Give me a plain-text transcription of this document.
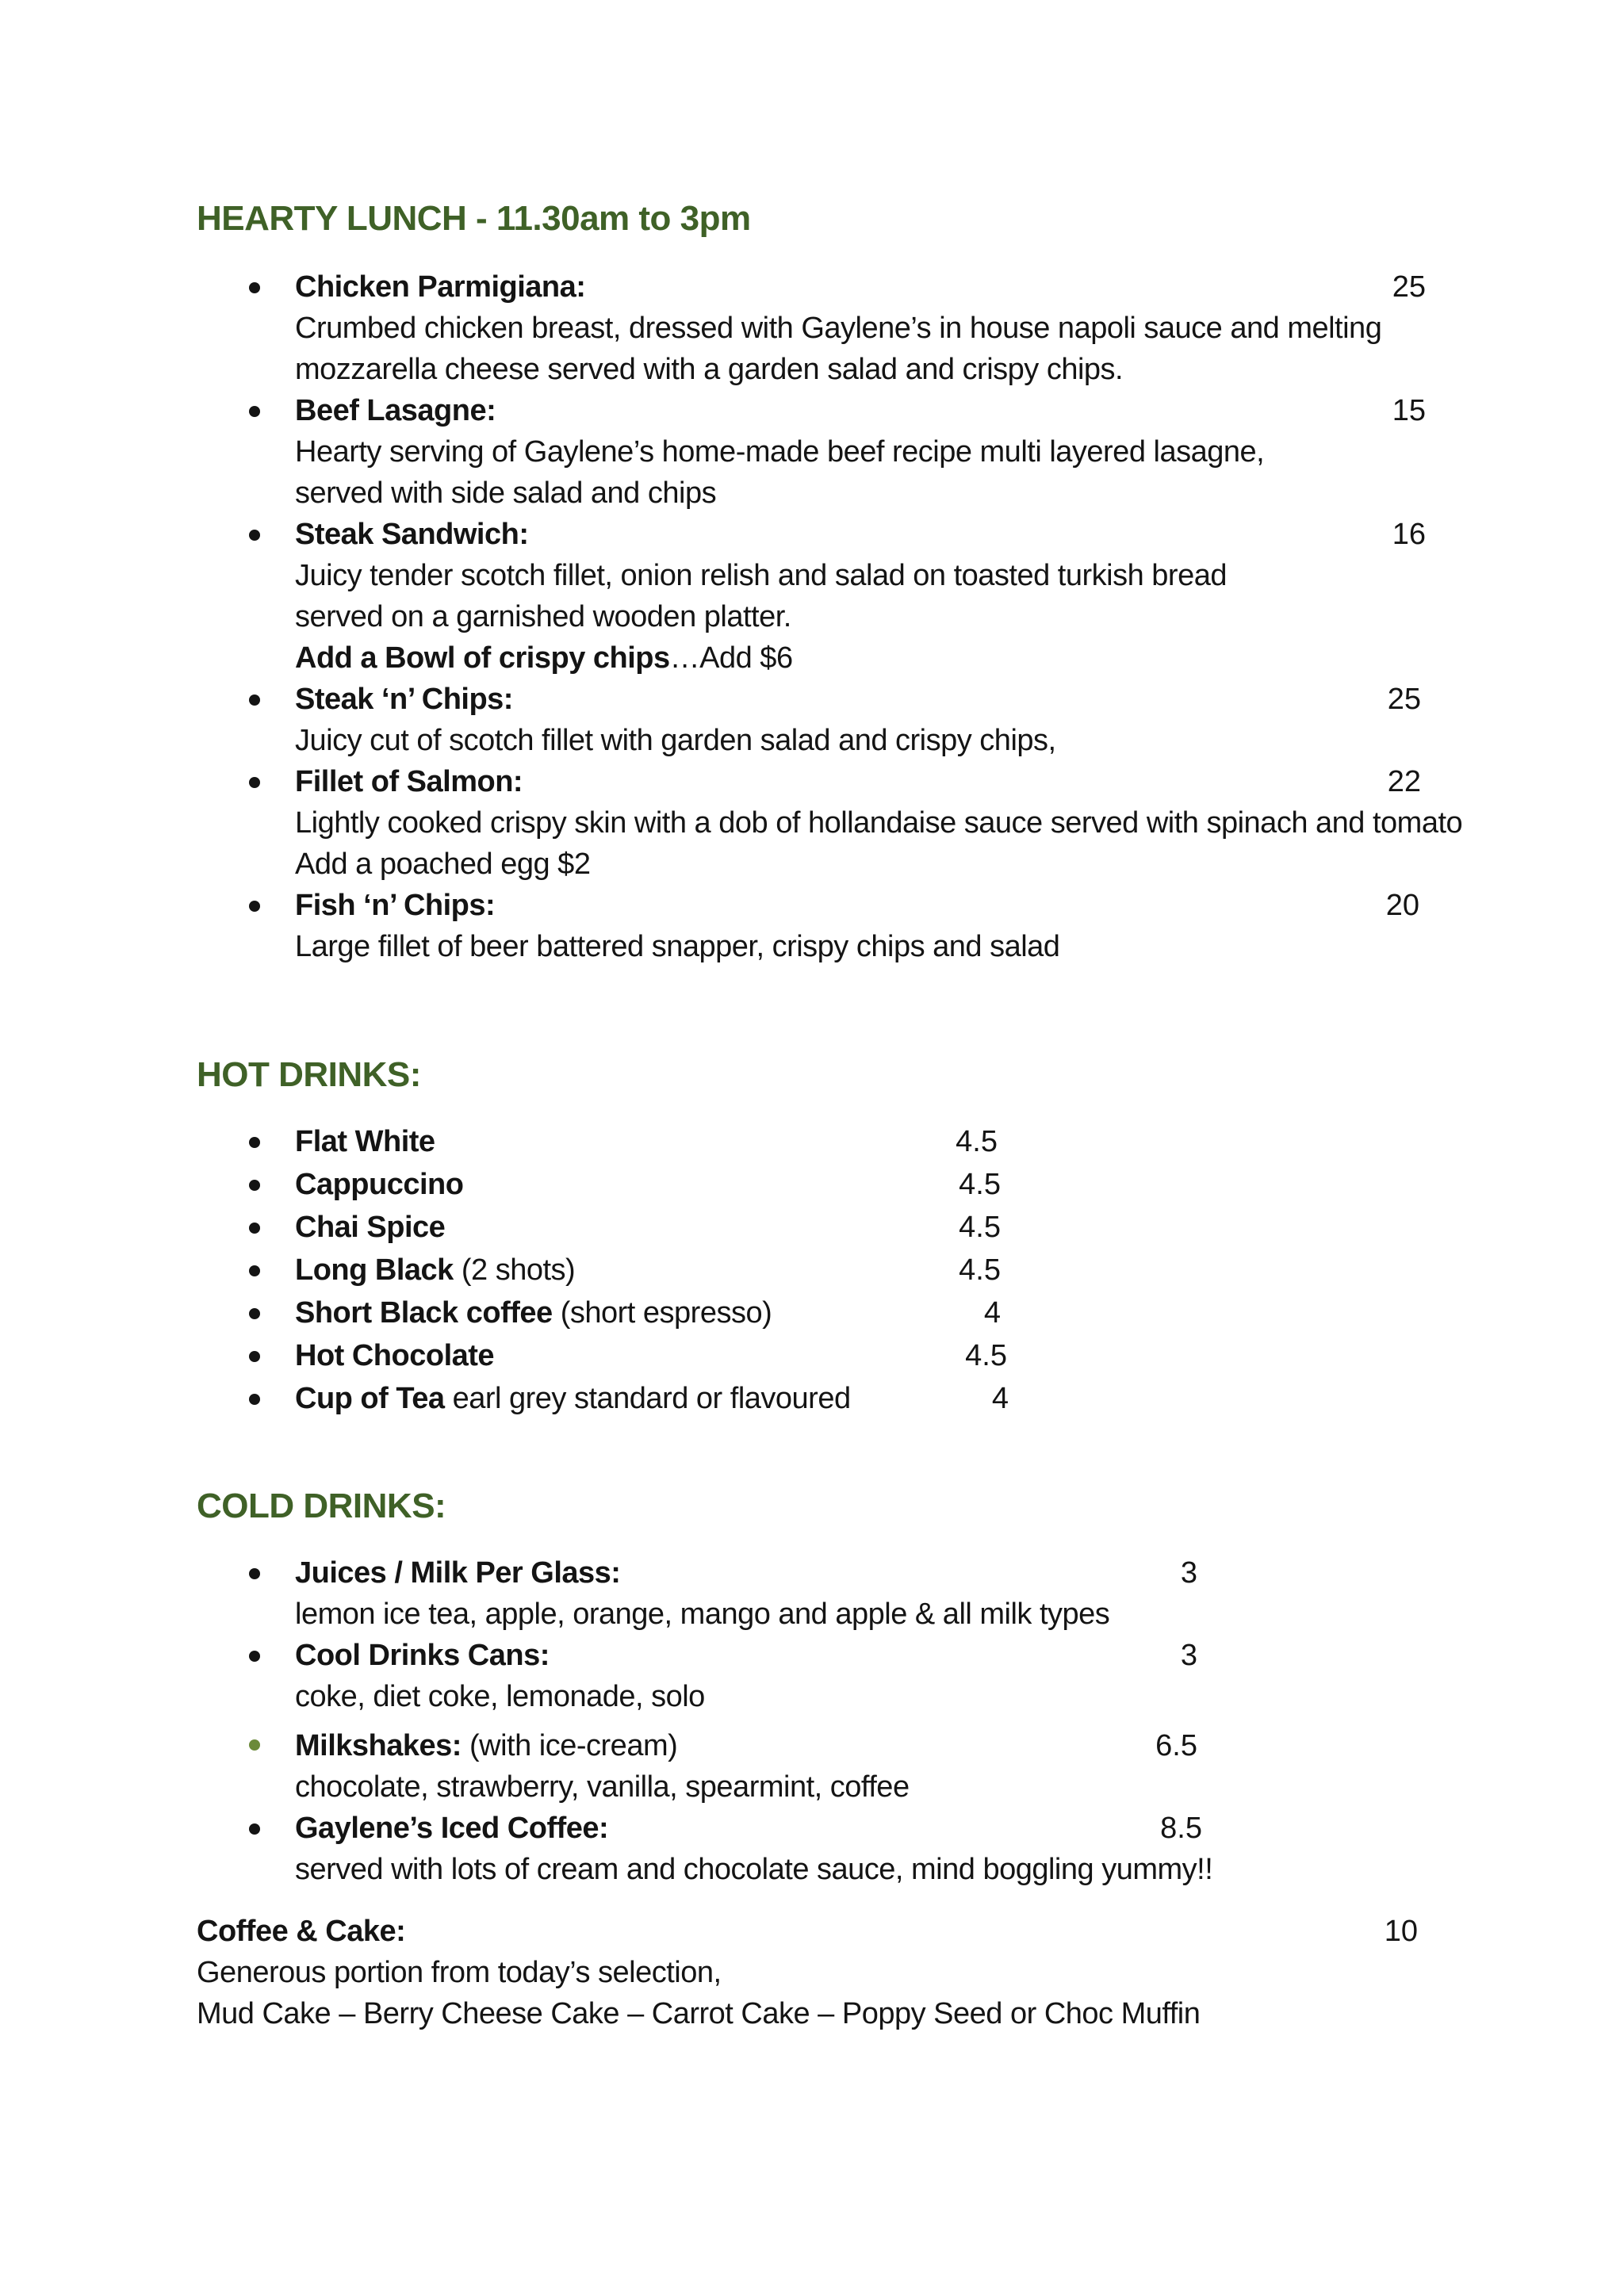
HEARTY LUNCH - 11.30am to 3pm
Chicken Parmigiana:	25
Crumbed chicken breast, dressed with Gaylene’s in house napoli sauce and melting
mozzarella cheese served with a garden salad and crispy chips.
Beef Lasagne:	15
Hearty serving of Gaylene’s home-made beef recipe multi layered lasagne,
served with side salad and chips
Steak Sandwich:	16
Juicy tender scotch fillet, onion relish and salad on toasted turkish bread
served on a garnished wooden platter.
Add a Bowl of crispy chips…Add $6
Steak ‘n’ Chips:	25
Juicy cut of scotch fillet with garden salad and crispy chips,
Fillet of Salmon:	22
Lightly cooked crispy skin with a dob of hollandaise sauce served with spinach and tomato
Add a poached egg $2
Fish ‘n’ Chips:	20
Large fillet of beer battered snapper, crispy chips and salad
HOT DRINKS:
Flat White	4.5
Cappuccino	4.5
Chai Spice	4.5
Long Black (2 shots)	4.5
Short Black coffee (short espresso)	4
Hot Chocolate	4.5
Cup of Tea earl grey standard or flavoured	4
COLD DRINKS:
Juices / Milk Per Glass:	3
lemon ice tea, apple, orange, mango and apple & all milk types
Cool Drinks Cans:	3
coke, diet coke, lemonade, solo
Milkshakes: (with ice-cream)	6.5
chocolate, strawberry, vanilla, spearmint, coffee
Gaylene’s Iced Coffee:	8.5
served with lots of cream and chocolate sauce, mind boggling yummy!!
Coffee & Cake:	10
Generous portion from today’s selection,
Mud Cake – Berry Cheese Cake – Carrot Cake – Poppy Seed or Choc Muffin
